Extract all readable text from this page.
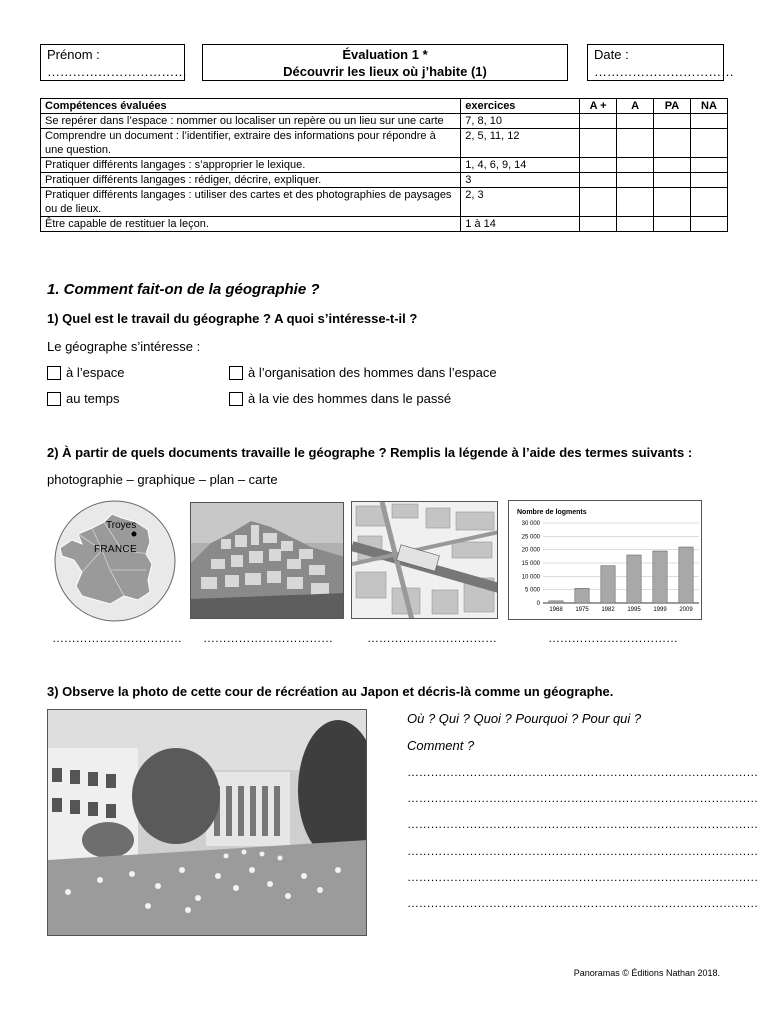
Prénom :
……………………………
Évaluation 1 *
Découvrir les lieux où j’habite (1)
Date :
……………………………
Compétences évaluées	exercices	A +	A	PA	NA
Se repérer dans l’espace : nommer ou localiser un repère ou un lieu sur une carte	7, 8, 10				
Comprendre un document : l’identifier, extraire des informations pour répondre à une question.	2, 5, 11, 12				
Pratiquer différents langages : s’approprier le lexique.	1, 4, 6, 9, 14				
Pratiquer différents langages : rédiger, décrire, expliquer.	3				
Pratiquer différents langages : utiliser des cartes et des photographies de paysages ou de lieux.	2, 3				
Être capable de restituer la leçon.	1 à 14				
1. Comment fait-on de la géographie ?
1) Quel est le travail du géographe ? A quoi s’intéresse-t-il ?
Le géographe s’intéresse :
à l’espace	à l’organisation des hommes dans l’espace
au temps	à la vie des hommes dans le passé
2) À partir de quels documents travaille le géographe ? Remplis la légende à l’aide des termes suivants :
photographie – graphique – plan – carte
Troyes
FRANCE
Nombre de logments
30 000
25 000
20 000
15 000
10 000
5 000
0
1968 1975 1982 1995 1999 2009
…………………………… ……………………………	……………………………	……………………………
3) Observe la photo de cette cour de récréation au Japon et décris-là comme un géographe.
Où ? Qui ? Quoi ? Pourquoi ? Pour qui ?
Comment ?
………………………………………………………………………………
………………………………………………………………………………
………………………………………………………………………………
………………………………………………………………………………
………………………………………………………………………………
………………………………………………………………………………
Panoramas © Éditions Nathan 2018.
